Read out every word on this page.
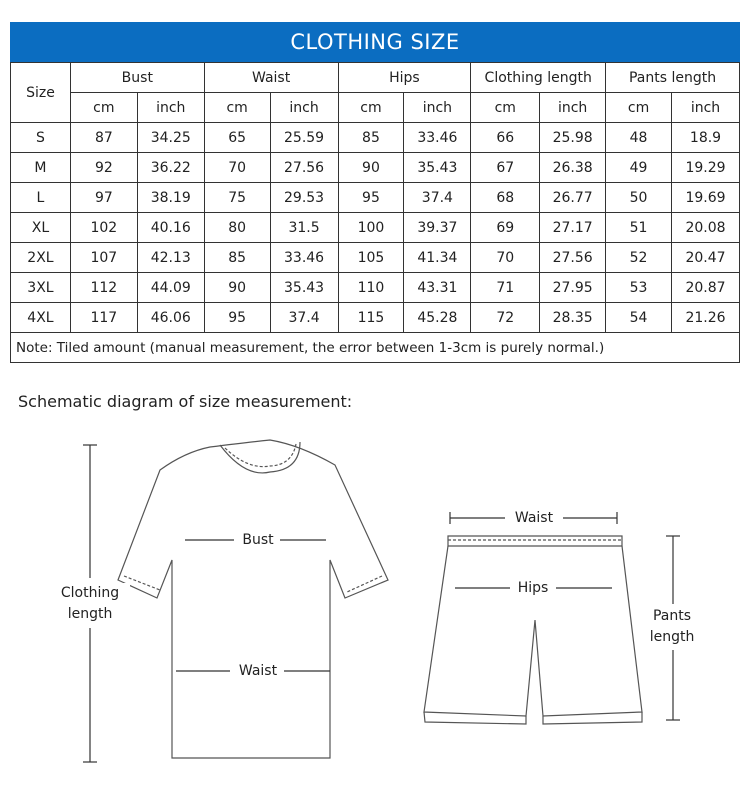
CLOTHING SIZE
Size	Bust		Waist		Hips		Clothing length		Pants length	
	cm	inch	cm	inch	cm	inch	cm	inch	cm	inch
S	87	34.25	65	25.59	85	33.46	66	25.98	48	18.9
M	92	36.22	70	27.56	90	35.43	67	26.38	49	19.29
L	97	38.19	75	29.53	95	37.4	68	26.77	50	19.69
XL	102	40.16	80	31.5	100	39.37	69	27.17	51	20.08
2XL	107	42.13	85	33.46	105	41.34	70	27.56	52	20.47
3XL	112	44.09	90	35.43	110	43.31	71	27.95	53	20.87
4XL	117	46.06	95	37.4	115	45.28	72	28.35	54	21.26
Note: Tiled amount (manual measurement, the error between 1-3cm is purely normal.)										
Schematic diagram of size measurement:
Bust
Waist
Clothing
length
Waist
Hips
Pants
length
